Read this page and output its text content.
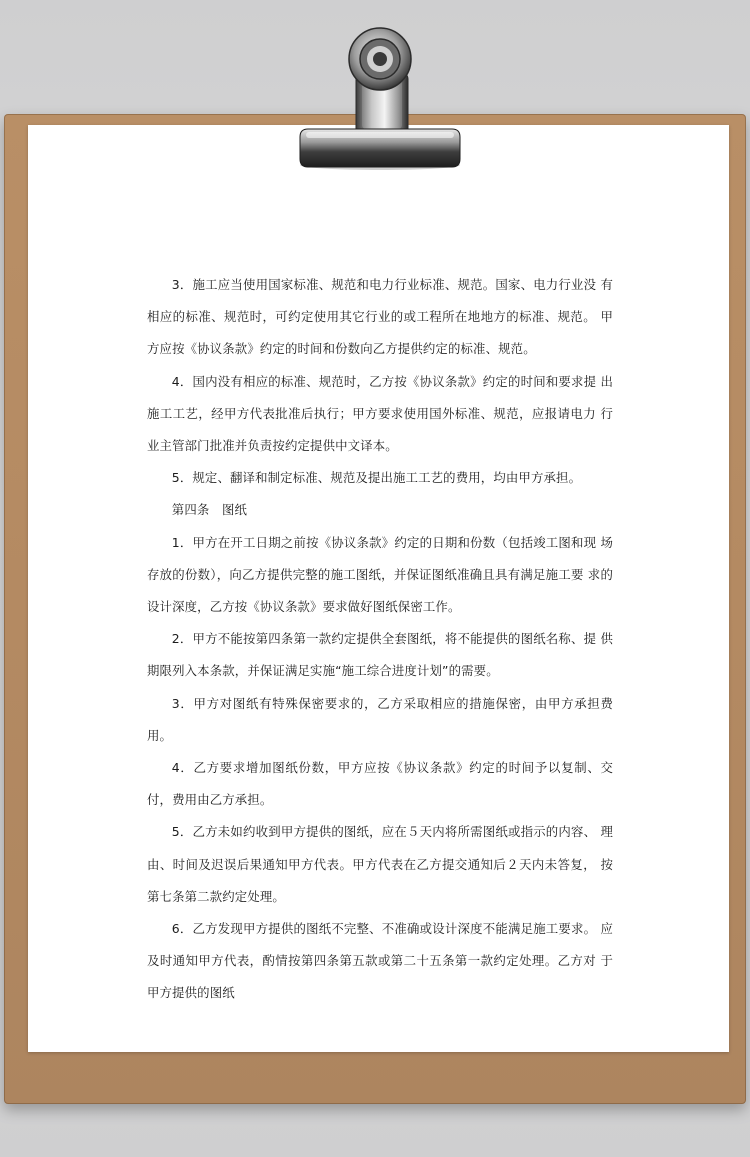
3．施工应当使用国家标准、规范和电力行业标准、规范。国家、电力行业没 有相应的标准、规范时，可约定使用其它行业的或工程所在地地方的标准、规范。 甲方应按《协议条款》约定的时间和份数向乙方提供约定的标准、规范。

4．国内没有相应的标准、规范时，乙方按《协议条款》约定的时间和要求提 出施工工艺，经甲方代表批准后执行；甲方要求使用国外标准、规范，应报请电力 行业主管部门批准并负责按约定提供中文译本。

5．规定、翻译和制定标准、规范及提出施工工艺的费用，均由甲方承担。

第四条　图纸

1．甲方在开工日期之前按《协议条款》约定的日期和份数（包括竣工图和现 场存放的份数），向乙方提供完整的施工图纸，并保证图纸准确且具有满足施工要 求的设计深度，乙方按《协议条款》要求做好图纸保密工作。

2．甲方不能按第四条第一款约定提供全套图纸，将不能提供的图纸名称、提 供期限列入本条款，并保证满足实施“施工综合进度计划”的需要。

3．甲方对图纸有特殊保密要求的，乙方采取相应的措施保密，由甲方承担费 用。

4．乙方要求增加图纸份数，甲方应按《协议条款》约定的时间予以复制、交 付，费用由乙方承担。

5．乙方未如约收到甲方提供的图纸，应在５天内将所需图纸或指示的内容、 理由、时间及迟误后果通知甲方代表。甲方代表在乙方提交通知后２天内未答复， 按第七条第二款约定处理。

6．乙方发现甲方提供的图纸不完整、不准确或设计深度不能满足施工要求。 应及时通知甲方代表，酌情按第四条第五款或第二十五条第一款约定处理。乙方对 于甲方提供的图纸
